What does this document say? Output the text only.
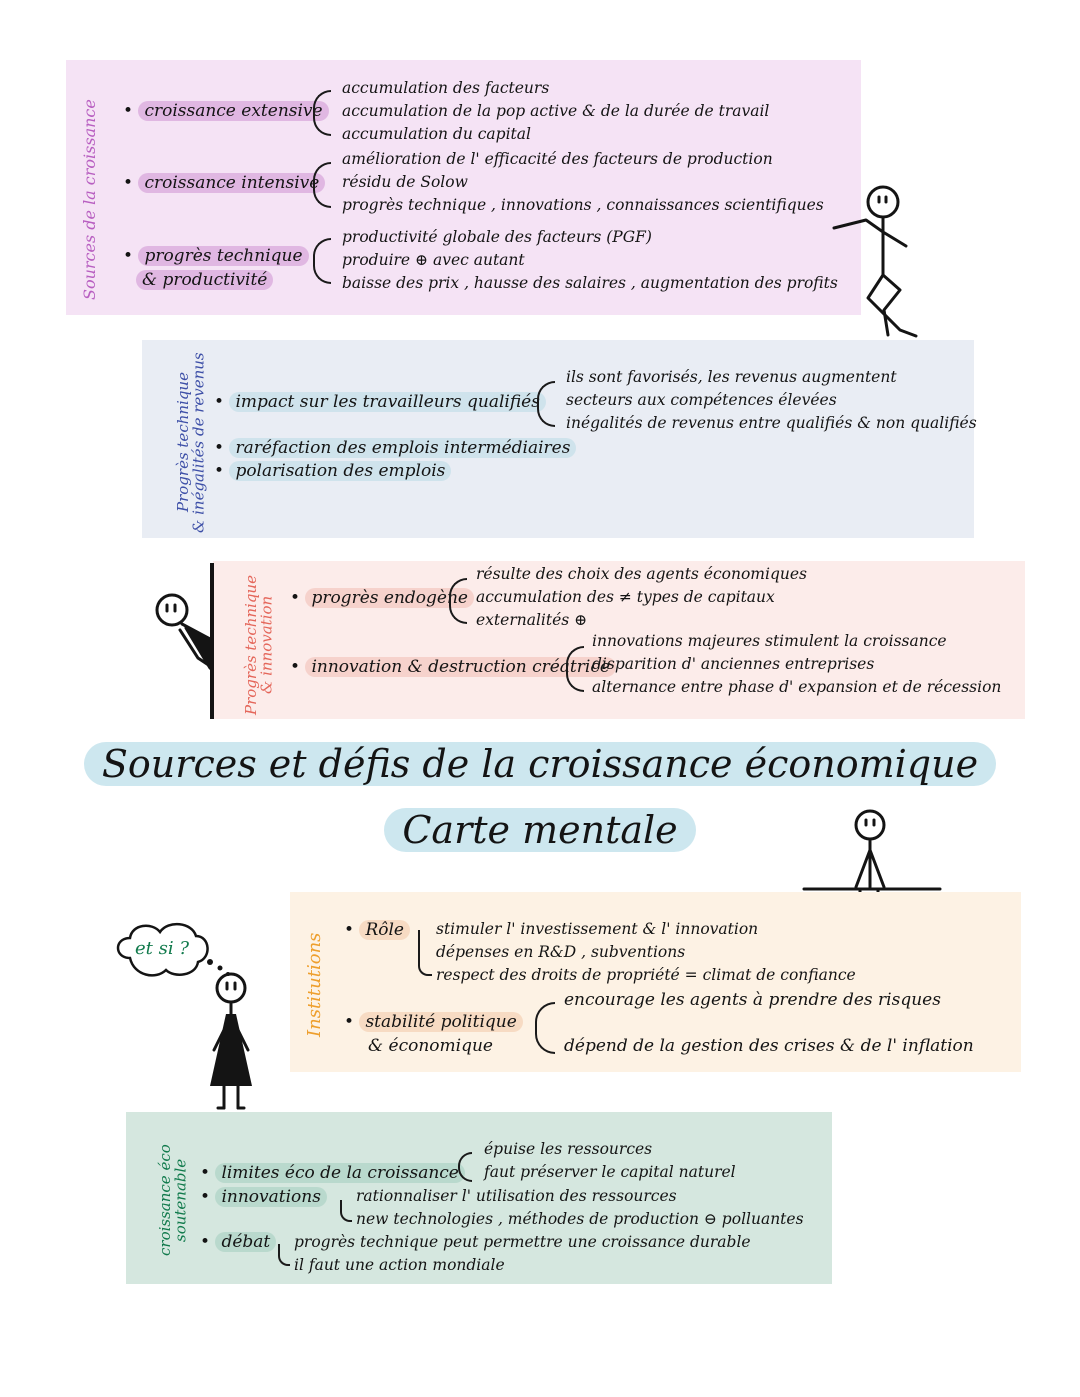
Sources de la croissance • croissance extensive
accumulation des facteurs
accumulation de la pop active & de la durée de travail
accumulation du capital
• croissance intensive
amélioration de l' efficacité des facteurs de production
résidu de Solow
progrès technique , innovations , connaissances scientifiques
• progrès technique
& productivité
productivité globale des facteurs (PGF)
produire ⊕ avec autant
baisse des prix , hausse des salaires , augmentation des profits

Progrès technique
& inégalités de revenus • impact sur les travailleurs qualifiés
ils sont favorisés, les revenus augmentent
secteurs aux compétences élevées
inégalités de revenus entre qualifiés & non qualifiés
• raréfaction des emplois intermédiaires
• polarisation des emplois

Progrès technique
& innovation • progrès endogène
résulte des choix des agents économiques
accumulation des ≠ types de capitaux
externalités ⊕
• innovation & destruction créatrice
innovations majeures stimulent la croissance
disparition d' anciennes entreprises
alternance entre phase d' expansion et de récession
Sources et défis de la croissance économique
Carte mentale
Institutions
et si ?
• Rôle	stimuler l' investissement & l' innovation
dépenses en R&D , subventions
respect des droits de propriété = climat de confiance
• stabilité politique
& économique
encourage les agents à prendre des risques
dépend de la gestion des crises & de l' inflation

croissance éco
soutenable • limites éco de la croissance
épuise les ressources
faut préserver le capital naturel
• innovations	rationnaliser l' utilisation des ressources
new technologies , méthodes de production ⊖ polluantes
• débat	progrès technique peut permettre une croissance durable
il faut une action mondiale
